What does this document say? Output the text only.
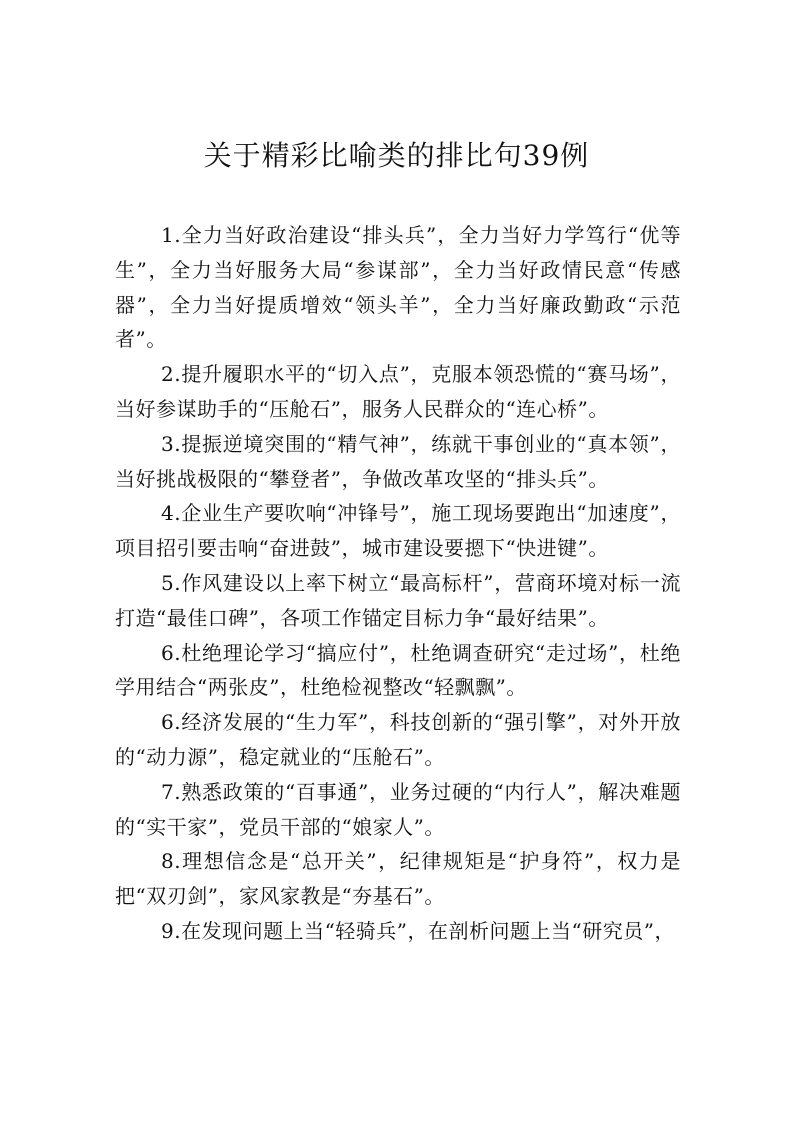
关于精彩比喻类的排比句39例

1.全力当好政治建设“排头兵”，全力当好力学笃行“优等生”，全力当好服务大局“参谋部”，全力当好政情民意“传感器”，全力当好提质增效“领头羊”，全力当好廉政勤政“示范者”。

2.提升履职水平的“切入点”，克服本领恐慌的“赛马场”，当好参谋助手的“压舱石”，服务人民群众的“连心桥”。

3.提振逆境突围的“精气神”，练就干事创业的“真本领”，当好挑战极限的“攀登者”，争做改革攻坚的“排头兵”。

4.企业生产要吹响“冲锋号”，施工现场要跑出“加速度”，项目招引要击响“奋进鼓”，城市建设要摁下“快进键”。

5.作风建设以上率下树立“最高标杆”，营商环境对标一流打造“最佳口碑”，各项工作锚定目标力争“最好结果”。

6.杜绝理论学习“搞应付”，杜绝调查研究“走过场”，杜绝学用结合“两张皮”，杜绝检视整改“轻飘飘”。

6.经济发展的“生力军”，科技创新的“强引擎”，对外开放的“动力源”，稳定就业的“压舱石”。

7.熟悉政策的“百事通”，业务过硬的“内行人”，解决难题的“实干家”，党员干部的“娘家人”。

8.理想信念是“总开关”，纪律规矩是“护身符”，权力是把“双刃剑”，家风家教是“夯基石”。

9.在发现问题上当“轻骑兵”，在剖析问题上当“研究员”，
